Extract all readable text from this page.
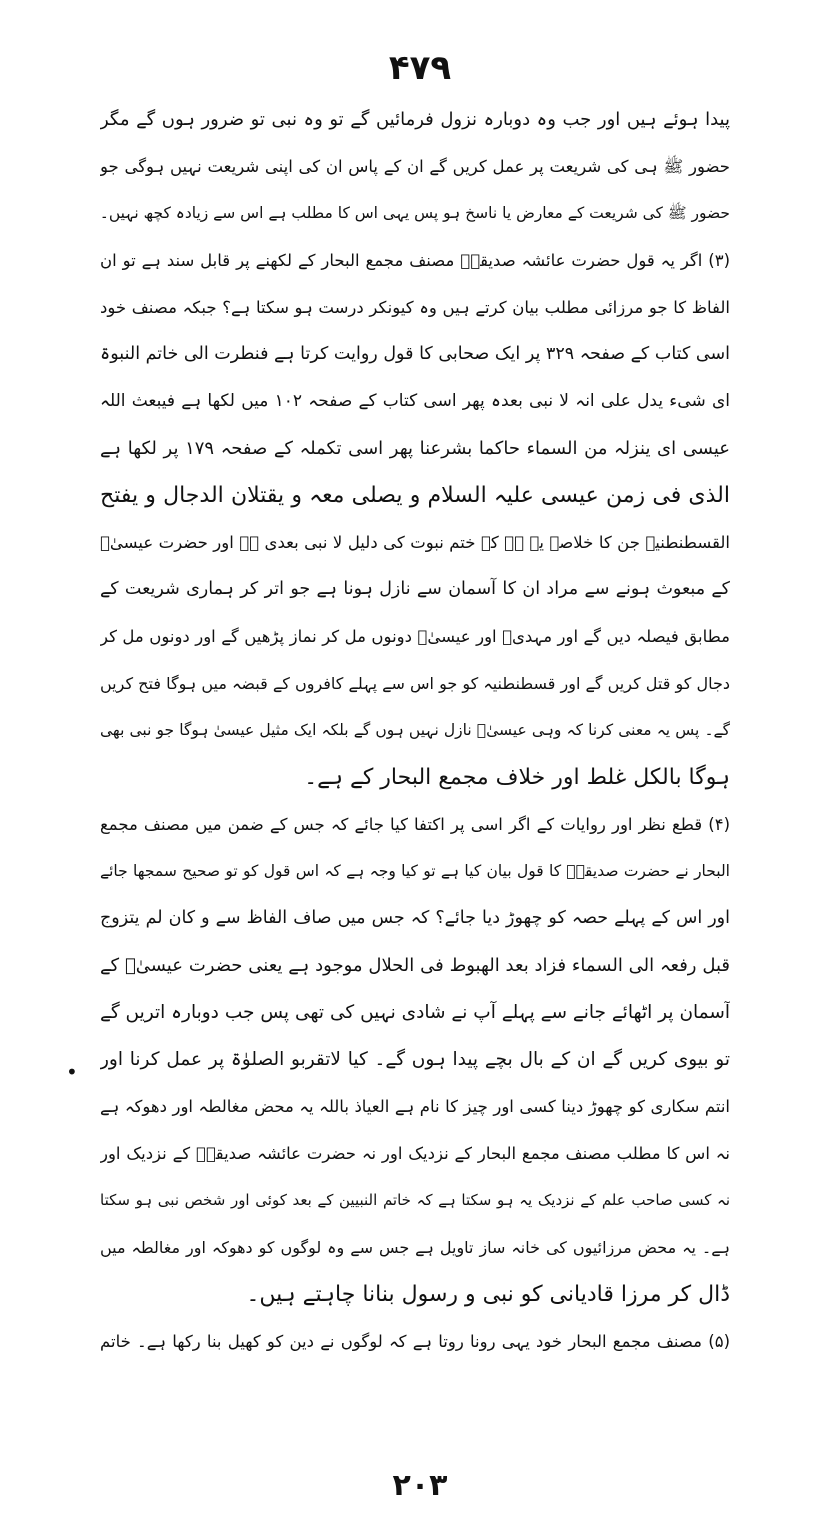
۴۷۹
پیدا ہوئے ہیں اور جب وہ دوبارہ نزول فرمائیں گے تو وہ نبی تو ضرور ہوں گے مگر
حضور ﷺ ہی کی شریعت پر عمل کریں گے ان کے پاس ان کی اپنی شریعت نہیں ہوگی جو
حضور ﷺ کی شریعت کے معارض یا ناسخ ہو پس یہی اس کا مطلب ہے اس سے زیادہ کچھ نہیں۔
(۳) اگر یہ قول حضرت عائشہ صدیقہؓ مصنف مجمع البحار کے لکھنے پر قابل سند ہے تو ان
الفاظ کا جو مرزائی مطلب بیان کرتے ہیں وہ کیونکر درست ہو سکتا ہے؟ جبکہ مصنف خود
اسی کتاب کے صفحہ ۳۲۹ پر ایک صحابی کا قول روایت کرتا ہے فنطرت الی خاتم النبوۃ
ای شیء یدل علی انہ لا نبی بعدہ پھر اسی کتاب کے صفحہ ۱۰۲ میں لکھا ہے فیبعث اللہ
عیسی ای ینزلہ من السماء حاکما بشرعنا پھر اسی تکملہ کے صفحہ ۱۷۹ پر لکھا ہے
الذی فی زمن عیسی علیہ السلام و یصلی معہ و یقتلان الدجال و یفتح
القسطنطنیہ جن کا خلاصہ یہ ہے کہ ختم نبوت کی دلیل لا نبی بعدی ہے اور حضرت عیسیٰؑ
کے مبعوث ہونے سے مراد ان کا آسمان سے نازل ہونا ہے جو اتر کر ہماری شریعت کے
مطابق فیصلہ دیں گے اور مہدیؑ اور عیسیٰؑ دونوں مل کر نماز پڑھیں گے اور دونوں مل کر
دجال کو قتل کریں گے اور قسطنطنیہ کو جو اس سے پہلے کافروں کے قبضہ میں ہوگا فتح کریں
گے۔ پس یہ معنی کرنا کہ وہی عیسیٰؑ نازل نہیں ہوں گے بلکہ ایک مثیل عیسیٰ ہوگا جو نبی بھی
ہوگا بالکل غلط اور خلاف مجمع البحار کے ہے۔
(۴) قطع نظر اور روایات کے اگر اسی پر اکتفا کیا جائے کہ جس کے ضمن میں مصنف مجمع
البحار نے حضرت صدیقہؓ کا قول بیان کیا ہے تو کیا وجہ ہے کہ اس قول کو تو صحیح سمجھا جائے
اور اس کے پہلے حصہ کو چھوڑ دیا جائے؟ کہ جس میں صاف الفاظ سے و کان لم یتزوج
قبل رفعہ الی السماء فزاد بعد الھبوط فی الحلال موجود ہے یعنی حضرت عیسیٰؑ کے
آسمان پر اٹھائے جانے سے پہلے آپ نے شادی نہیں کی تھی پس جب دوبارہ اتریں گے
تو بیوی کریں گے ان کے بال بچے پیدا ہوں گے۔ کیا لاتقربو الصلوٰۃ پر عمل کرنا اور
انتم سکاری کو چھوڑ دینا کسی اور چیز کا نام ہے العیاذ باللہ یہ محض مغالطہ اور دھوکہ ہے
نہ اس کا مطلب مصنف مجمع البحار کے نزدیک اور نہ حضرت عائشہ صدیقہؓ کے نزدیک اور
نہ کسی صاحب علم کے نزدیک یہ ہو سکتا ہے کہ خاتم النبیین کے بعد کوئی اور شخص نبی ہو سکتا
ہے۔ یہ محض مرزائیوں کی خانہ ساز تاویل ہے جس سے وہ لوگوں کو دھوکہ اور مغالطہ میں
ڈال کر مرزا قادیانی کو نبی و رسول بنانا چاہتے ہیں۔
(۵) مصنف مجمع البحار خود یہی رونا روتا ہے کہ لوگوں نے دین کو کھیل بنا رکھا ہے۔ خاتم
•
۲۰۳
